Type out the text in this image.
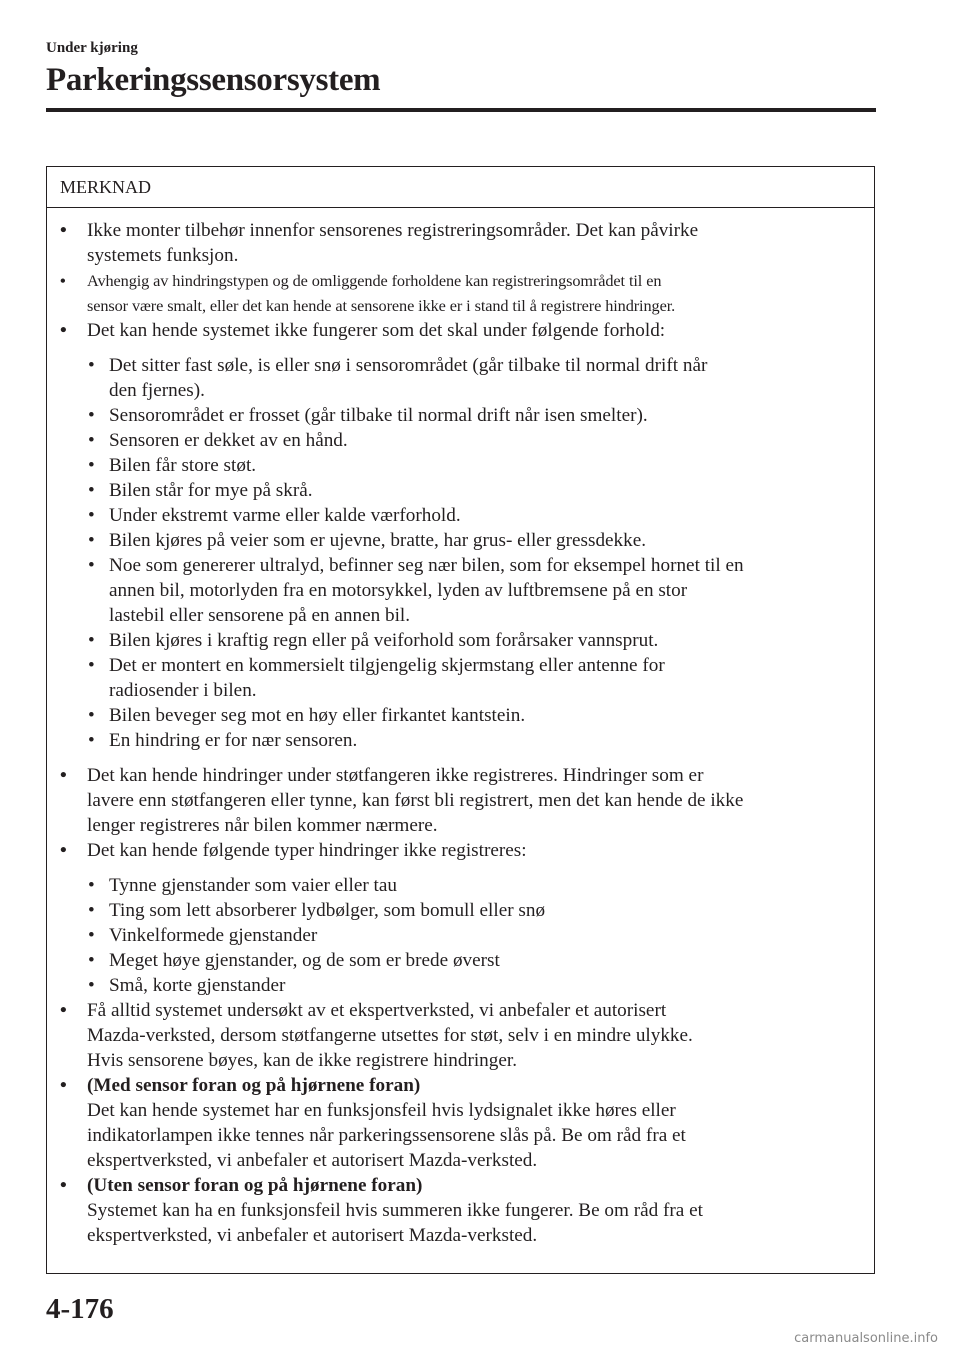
Under kjøring
Parkeringssensorsystem
MERKNAD
• Ikke monter tilbehør innenfor sensorenes registreringsområder. Det kan påvirke
systemets funksjon.
• Avhengig av hindringstypen og de omliggende forholdene kan registreringsområdet til en
sensor være smalt, eller det kan hende at sensorene ikke er i stand til å registrere hindringer.
• Det kan hende systemet ikke fungerer som det skal under følgende forhold:
• Det sitter fast søle, is eller snø i sensorområdet (går tilbake til normal drift når
den fjernes).
• Sensorområdet er frosset (går tilbake til normal drift når isen smelter).
• Sensoren er dekket av en hånd.
• Bilen får store støt.
• Bilen står for mye på skrå.
• Under ekstremt varme eller kalde værforhold.
• Bilen kjøres på veier som er ujevne, bratte, har grus- eller gressdekke.
• Noe som genererer ultralyd, befinner seg nær bilen, som for eksempel hornet til en
annen bil, motorlyden fra en motorsykkel, lyden av luftbremsene på en stor
lastebil eller sensorene på en annen bil.
• Bilen kjøres i kraftig regn eller på veiforhold som forårsaker vannsprut.
• Det er montert en kommersielt tilgjengelig skjermstang eller antenne for
radiosender i bilen.
• Bilen beveger seg mot en høy eller firkantet kantstein.
• En hindring er for nær sensoren.
• Det kan hende hindringer under støtfangeren ikke registreres. Hindringer som er
lavere enn støtfangeren eller tynne, kan først bli registrert, men det kan hende de ikke
lenger registreres når bilen kommer nærmere.
• Det kan hende følgende typer hindringer ikke registreres:
• Tynne gjenstander som vaier eller tau
• Ting som lett absorberer lydbølger, som bomull eller snø
• Vinkelformede gjenstander
• Meget høye gjenstander, og de som er brede øverst
• Små, korte gjenstander
• Få alltid systemet undersøkt av et ekspertverksted, vi anbefaler et autorisert
Mazda-verksted, dersom støtfangerne utsettes for støt, selv i en mindre ulykke.
Hvis sensorene bøyes, kan de ikke registrere hindringer.
• (Med sensor foran og på hjørnene foran)
Det kan hende systemet har en funksjonsfeil hvis lydsignalet ikke høres eller
indikatorlampen ikke tennes når parkeringssensorene slås på. Be om råd fra et
ekspertverksted, vi anbefaler et autorisert Mazda-verksted.
• (Uten sensor foran og på hjørnene foran)
Systemet kan ha en funksjonsfeil hvis summeren ikke fungerer. Be om råd fra et
ekspertverksted, vi anbefaler et autorisert Mazda-verksted.
4-176
carmanualsonline.info
